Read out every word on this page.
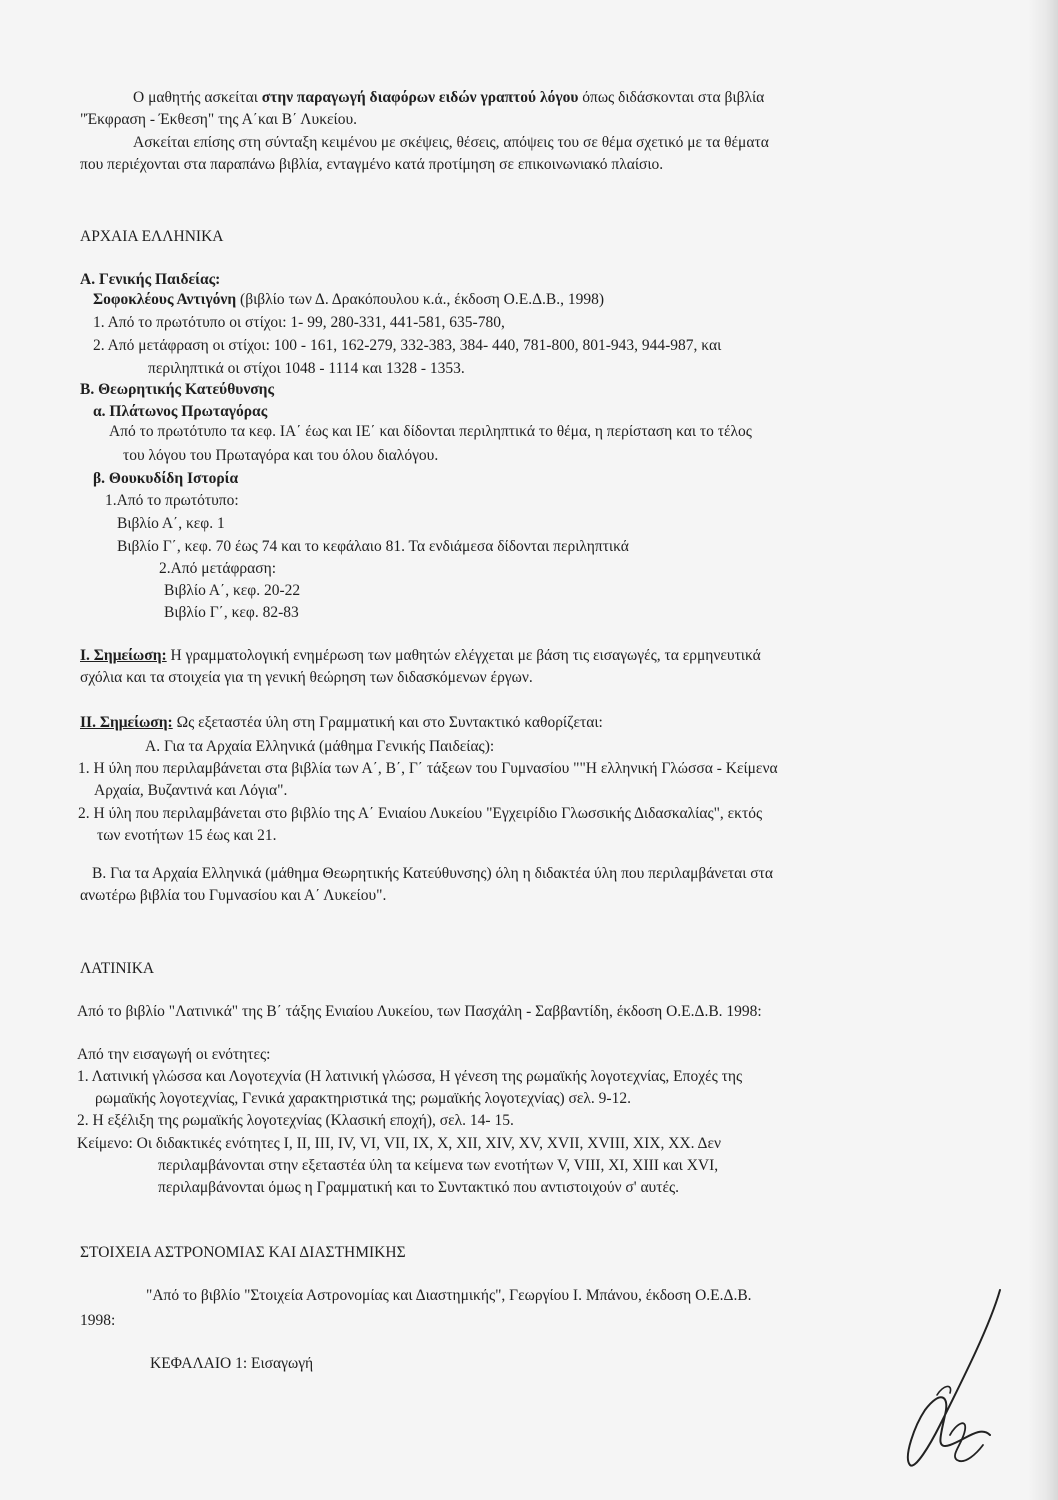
Ο μαθητής ασκείται στην παραγωγή διαφόρων ειδών γραπτού λόγου όπως διδάσκονται στα βιβλία
"Έκφραση - Έκθεση" της Α΄και Β΄ Λυκείου.
Ασκείται επίσης στη σύνταξη κειμένου με σκέψεις, θέσεις, απόψεις του σε θέμα σχετικό με τα θέματα
που περιέχονται στα παραπάνω βιβλία, ενταγμένο κατά προτίμηση σε επικοινωνιακό πλαίσιο.
ΑΡΧΑΙΑ ΕΛΛΗΝΙΚΑ
Α. Γενικής Παιδείας:
Σοφοκλέους Αντιγόνη (βιβλίο των Δ. Δρακόπουλου κ.ά., έκδοση Ο.Ε.Δ.Β., 1998)
1. Από το πρωτότυπο οι στίχοι: 1- 99, 280-331, 441-581, 635-780,
2. Από μετάφραση οι στίχοι: 100 - 161, 162-279, 332-383, 384- 440, 781-800, 801-943, 944-987, και
περιληπτικά οι στίχοι 1048 - 1114 και 1328 - 1353.
Β. Θεωρητικής Κατεύθυνσης
α. Πλάτωνος Πρωταγόρας
Από το πρωτότυπο τα κεφ. ΙΑ΄ έως και ΙΕ΄ και δίδονται περιληπτικά το θέμα, η περίσταση και το τέλος
του λόγου του Πρωταγόρα και του όλου διαλόγου.
β. Θουκυδίδη Ιστορία
1.Από το πρωτότυπο:
Βιβλίο Α΄, κεφ. 1
Βιβλίο Γ΄, κεφ. 70 έως 74 και το κεφάλαιο 81. Τα ενδιάμεσα δίδονται περιληπτικά
2.Από μετάφραση:
Βιβλίο Α΄, κεφ. 20-22
Βιβλίο Γ΄, κεφ. 82-83
Ι. Σημείωση: Η γραμματολογική ενημέρωση των μαθητών ελέγχεται με βάση τις εισαγωγές, τα ερμηνευτικά
σχόλια και τα στοιχεία για τη γενική θεώρηση των διδασκόμενων έργων.
ΙΙ. Σημείωση: Ως εξεταστέα ύλη στη Γραμματική και στο Συντακτικό καθορίζεται:
Α. Για τα Αρχαία Ελληνικά (μάθημα Γενικής Παιδείας):
1. Η ύλη που περιλαμβάνεται στα βιβλία των Α΄, Β΄, Γ΄ τάξεων του Γυμνασίου ""Η ελληνική Γλώσσα - Κείμενα
Αρχαία, Βυζαντινά και Λόγια".
2. Η ύλη που περιλαμβάνεται στο βιβλίο της Α΄ Ενιαίου Λυκείου "Εγχειρίδιο Γλωσσικής Διδασκαλίας", εκτός
των ενοτήτων 15 έως και 21.
Β. Για τα Αρχαία Ελληνικά (μάθημα Θεωρητικής Κατεύθυνσης) όλη η διδακτέα ύλη που περιλαμβάνεται στα
ανωτέρω βιβλία του Γυμνασίου και Α΄ Λυκείου".
ΛΑΤΙΝΙΚΑ
Από το βιβλίο "Λατινικά" της Β΄ τάξης Ενιαίου Λυκείου, των Πασχάλη - Σαββαντίδη, έκδοση Ο.Ε.Δ.Β. 1998:
Από την εισαγωγή οι ενότητες:
1. Λατινική γλώσσα και Λογοτεχνία (Η λατινική γλώσσα, Η γένεση της ρωμαϊκής λογοτεχνίας, Εποχές της
ρωμαϊκής λογοτεχνίας, Γενικά χαρακτηριστικά της; ρωμαϊκής λογοτεχνίας) σελ. 9-12.
2. Η εξέλιξη της ρωμαϊκής λογοτεχνίας (Κλασική εποχή), σελ. 14- 15.
Κείμενο: Οι διδακτικές ενότητες Ι, ΙΙ, ΙΙΙ, ΙV, VΙ, VΙΙ, ΙΧ, Χ, ΧΙΙ, ΧΙV, ΧV, ΧVΙΙ, ΧVΙΙΙ, ΧΙΧ, ΧΧ. Δεν
περιλαμβάνονται στην εξεταστέα ύλη τα κείμενα των ενοτήτων V, VΙΙΙ, ΧΙ, ΧΙΙΙ και ΧVΙ,
περιλαμβάνονται όμως η Γραμματική και το Συντακτικό που αντιστοιχούν σ' αυτές.
ΣΤΟΙΧΕΙΑ ΑΣΤΡΟΝΟΜΙΑΣ ΚΑΙ ΔΙΑΣΤΗΜΙΚΗΣ
"Από το βιβλίο "Στοιχεία Αστρονομίας και Διαστημικής", Γεωργίου Ι. Μπάνου, έκδοση Ο.Ε.Δ.Β.
1998:
ΚΕΦΑΛΑΙΟ 1: Εισαγωγή
